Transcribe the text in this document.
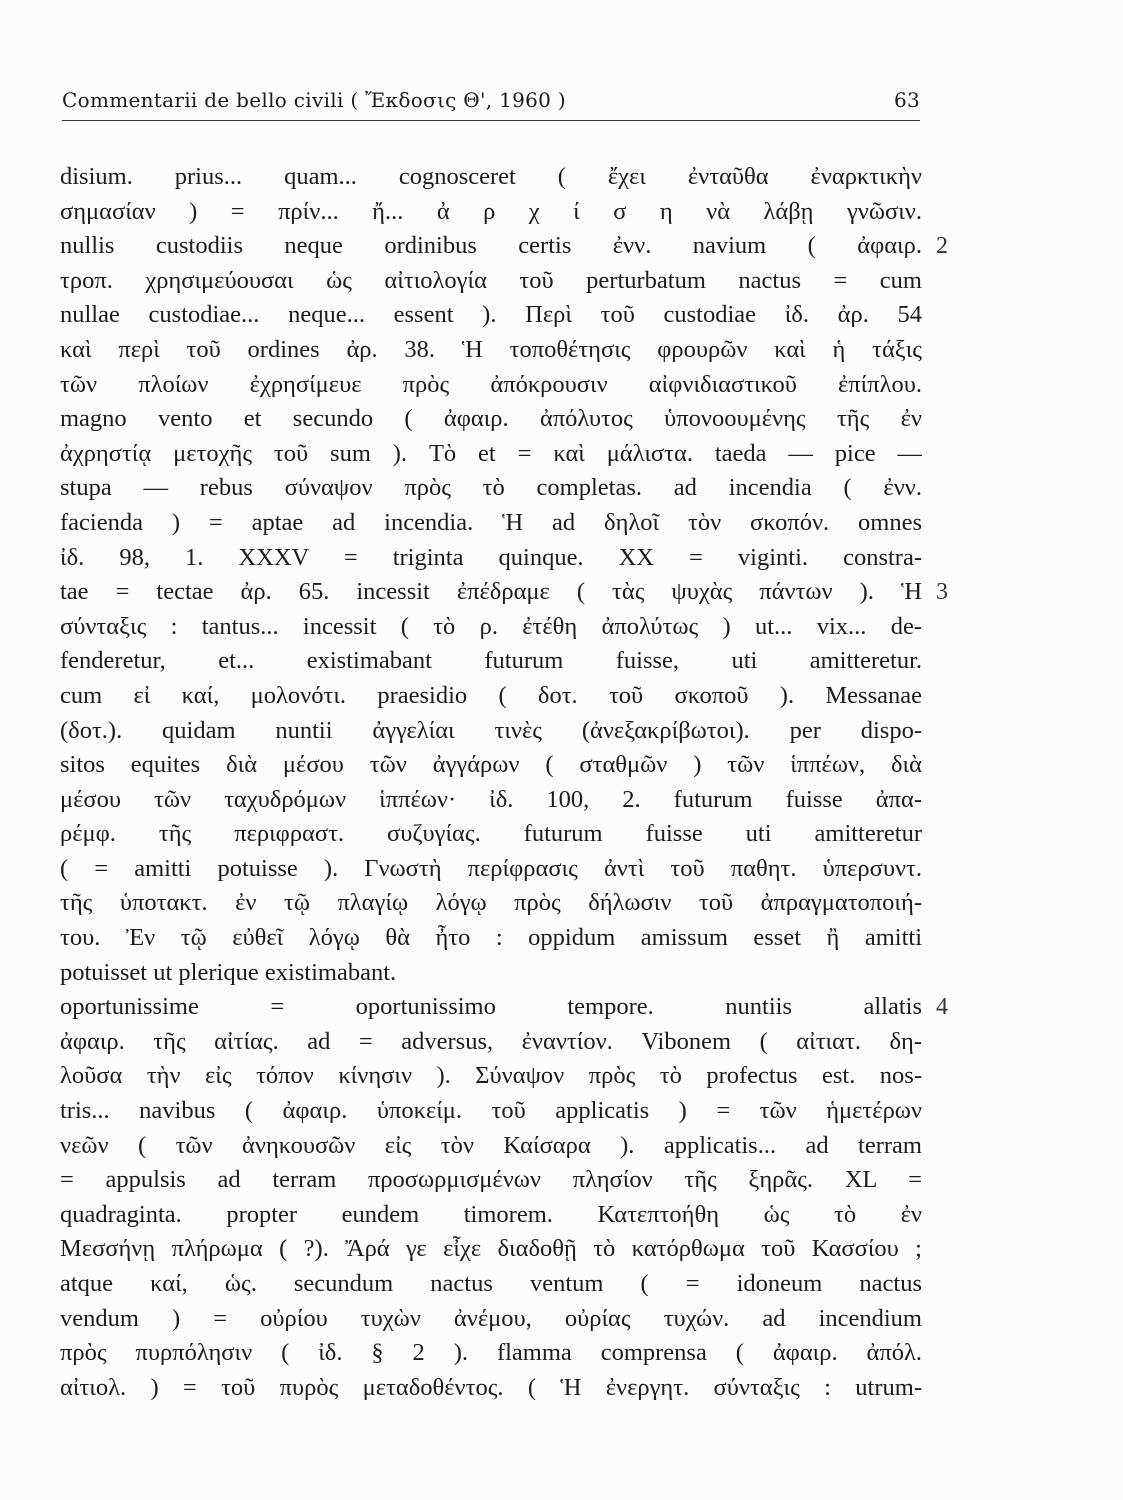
Commentarii de bello civili ( Ἔκδοσις Θ', 1960 )	63
disium. prius... quam... cognosceret ( ἔχει ἐνταῦθα ἐναρκτικὴν
σημασίαν ) = πρίν... ἤ... ἀ ρ χ ί σ η νὰ λάβῃ γνῶσιν.
nullis custodiis neque ordinibus certis ἐνν. navium ( ἀφαιρ.
τροπ. χρησιμεύουσαι ὡς αἰτιολογία τοῦ perturbatum nactus = cum
nullae custodiae... neque... essent ). Περὶ τοῦ custodiae ἰδ. ἀρ. 54
καὶ περὶ τοῦ ordines ἀρ. 38. Ἡ τοποθέτησις φρουρῶν καὶ ἡ τάξις
τῶν πλοίων ἐχρησίμευε πρὸς ἀπόκρουσιν αἰφνιδιαστικοῦ ἐπίπλου.
magno vento et secundo ( ἀφαιρ. ἀπόλυτος ὑπονοουμένης τῆς ἐν
ἀχρηστίᾳ μετοχῆς τοῦ sum ). Τὸ et = καὶ μάλιστα. taeda — pice —
stupa — rebus σύναψον πρὸς τὸ completas. ad incendia ( ἐνν.
facienda ) = aptae ad incendia. Ἡ ad δηλοῖ τὸν σκοπόν. omnes
ἰδ. 98, 1. XXXV = triginta quinque. XX = viginti. constra-
tae = tectae ἀρ. 65. incessit ἐπέδραμε ( τὰς ψυχὰς πάντων ). Ἡ
σύνταξις : tantus... incessit ( τὸ ρ. ἐτέθη ἀπολύτως ) ut... vix... de-
fenderetur, et... existimabant futurum fuisse, uti amitteretur.
cum εἰ καί, μολονότι. praesidio ( δοτ. τοῦ σκοποῦ ). Messanae
(δοτ.). quidam nuntii ἀγγελίαι τινὲς (ἀνεξακρίβωτοι). per dispo-
sitos equites διὰ μέσου τῶν ἀγγάρων ( σταθμῶν ) τῶν ἱππέων, διὰ
μέσου τῶν ταχυδρόμων ἱππέων· ἰδ. 100, 2. futurum fuisse ἀπα-
ρέμφ. τῆς περιφραστ. συζυγίας. futurum fuisse uti amitteretur
( = amitti potuisse ). Γνωστὴ περίφρασις ἀντὶ τοῦ παθητ. ὑπερσυντ.
τῆς ὑποτακτ. ἐν τῷ πλαγίῳ λόγῳ πρὸς δήλωσιν τοῦ ἀπραγματοποιή-
του. Ἐν τῷ εὐθεῖ λόγῳ θὰ ἦτο : oppidum amissum esset ἢ amitti
potuisset ut plerique existimabant.
oportunissime = oportunissimo tempore. nuntiis allatis
ἀφαιρ. τῆς αἰτίας. ad = adversus, ἐναντίον. Vibonem ( αἰτιατ. δη-
λοῦσα τὴν εἰς τόπον κίνησιν ). Σύναψον πρὸς τὸ profectus est. nos-
tris... navibus ( ἀφαιρ. ὑποκείμ. τοῦ applicatis ) = τῶν ἡμετέρων
νεῶν ( τῶν ἀνηκουσῶν εἰς τὸν Καίσαρα ). applicatis... ad terram
= appulsis ad terram προσωρμισμένων πλησίον τῆς ξηρᾶς. XL =
quadraginta. propter eundem timorem. Κατεπτοήθη ὡς τὸ ἐν
Μεσσήνῃ πλήρωμα ( ?). Ἄρά γε εἶχε διαδοθῇ τὸ κατόρθωμα τοῦ Κασσίου ;
atque καί, ὡς. secundum nactus ventum ( = idoneum nactus
vendum ) = οὐρίου τυχὼν ἀνέμου, οὐρίας τυχών. ad incendium
πρὸς πυρπόλησιν ( ἰδ. § 2 ). flamma comprensa ( ἀφαιρ. ἀπόλ.
αἰτιολ. ) = τοῦ πυρὸς μεταδοθέντος. ( Ἡ ἐνεργητ. σύνταξις : utrum-
2
3
4
